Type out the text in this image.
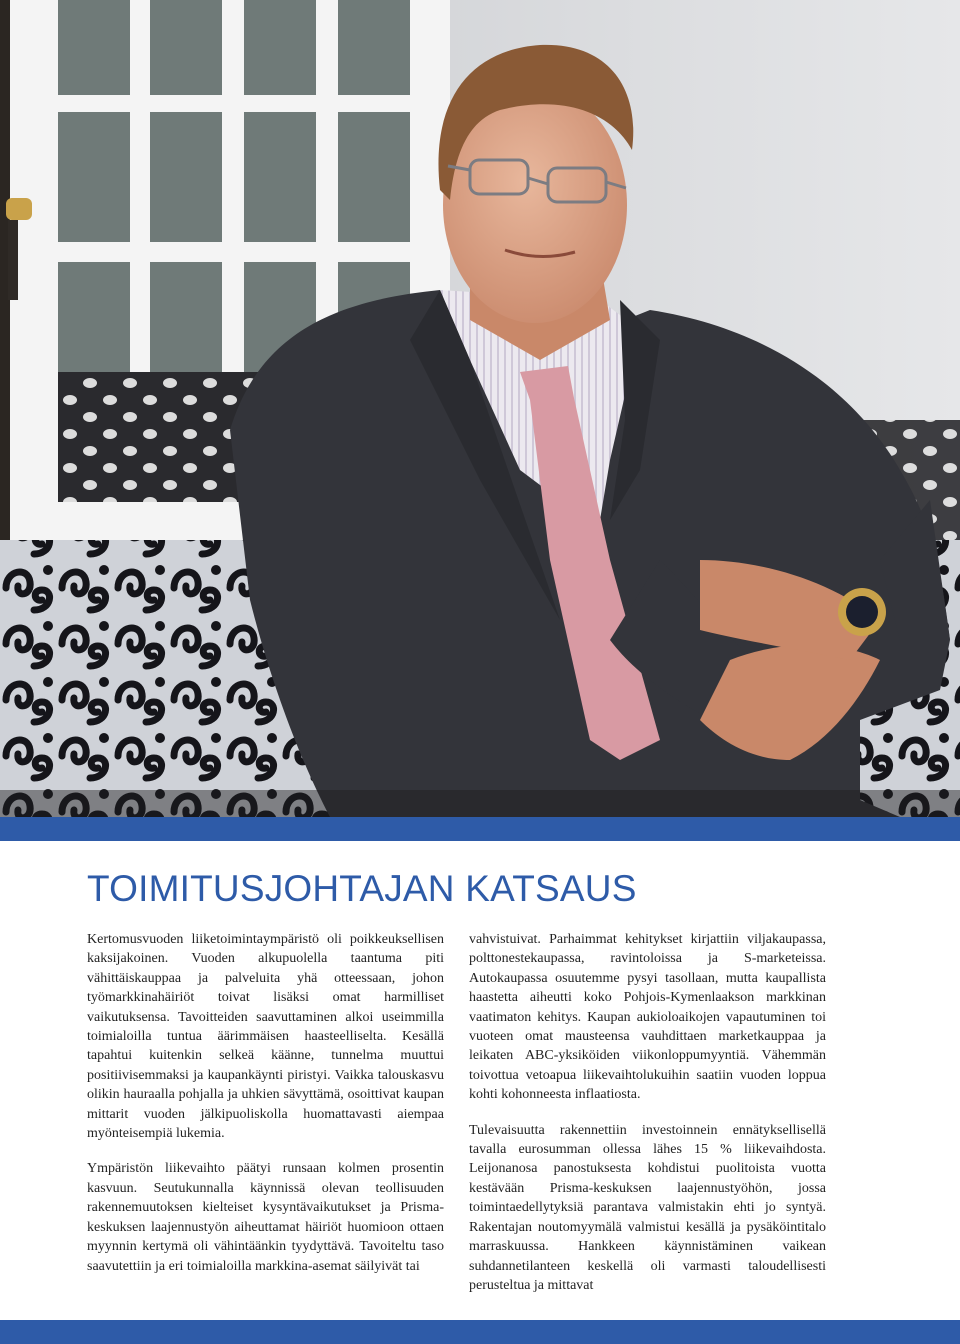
TOIMITUSJOHTAJAN KATSAUS

Kertomusvuoden liiketoimintaympäristö oli poikkeuksellisen kaksijakoinen. Vuoden alkupuolella taantuma piti vähittäiskauppaa ja palveluita yhä otteessaan, johon työmarkkinahäiriöt toivat lisäksi omat harmilliset vaikutuksensa. Tavoitteiden saavuttaminen alkoi useimmilla toimialoilla tuntua äärimmäisen haasteelliselta. Kesällä tapahtui kuitenkin selkeä käänne, tunnelma muuttui positiivisemmaksi ja kaupankäynti piristyi. Vaikka talouskasvu olikin hauraalla pohjalla ja uhkien sävyttämä, osoittivat kaupan mittarit vuoden jälkipuoliskolla huomattavasti aiempaa myönteisempiä lukemia.

Ympäristön liikevaihto päätyi runsaan kolmen prosentin kasvuun. Seutukunnalla käynnissä olevan teollisuuden rakennemuutoksen kielteiset kysyntävaikutukset ja Prisma-keskuksen laajennustyön aiheuttamat häiriöt huomioon ottaen myynnin kertymä oli vähintäänkin tyydyttävä. Tavoiteltu taso saavutettiin ja eri toimialoilla markkina-asemat säilyivät tai

vahvistuivat. Parhaimmat kehitykset kirjattiin viljakaupassa, polttonestekaupassa, ravintoloissa ja S-marketeissa. Autokaupassa osuutemme pysyi tasollaan, mutta kaupallista haastetta aiheutti koko Pohjois-Kymenlaakson markkinan vaatimaton kehitys. Kaupan aukioloaikojen vapautuminen toi vuoteen omat mausteensa vauhdittaen marketkauppaa ja leikaten ABC-yksiköiden viikonloppumyyntiä. Vähemmän toivottua vetoapua liikevaihtolukuihin saatiin vuoden loppua kohti kohonneesta inflaatiosta.

Tulevaisuutta rakennettiin investoinnein ennätyksellisellä tavalla eurosumman ollessa lähes 15 % liikevaihdosta. Leijonanosa panostuksesta kohdistui puolitoista vuotta kestävään Prisma-keskuksen laajennustyöhön, jossa toimintaedellytyksiä parantava valmistakin ehti jo syntyä. Rakentajan noutomyymälä valmistui kesällä ja pysäköintitalo marraskuussa. Hankkeen käynnistäminen vaikean suhdannetilanteen keskellä oli varmasti taloudellisesti perusteltua ja mittavat
